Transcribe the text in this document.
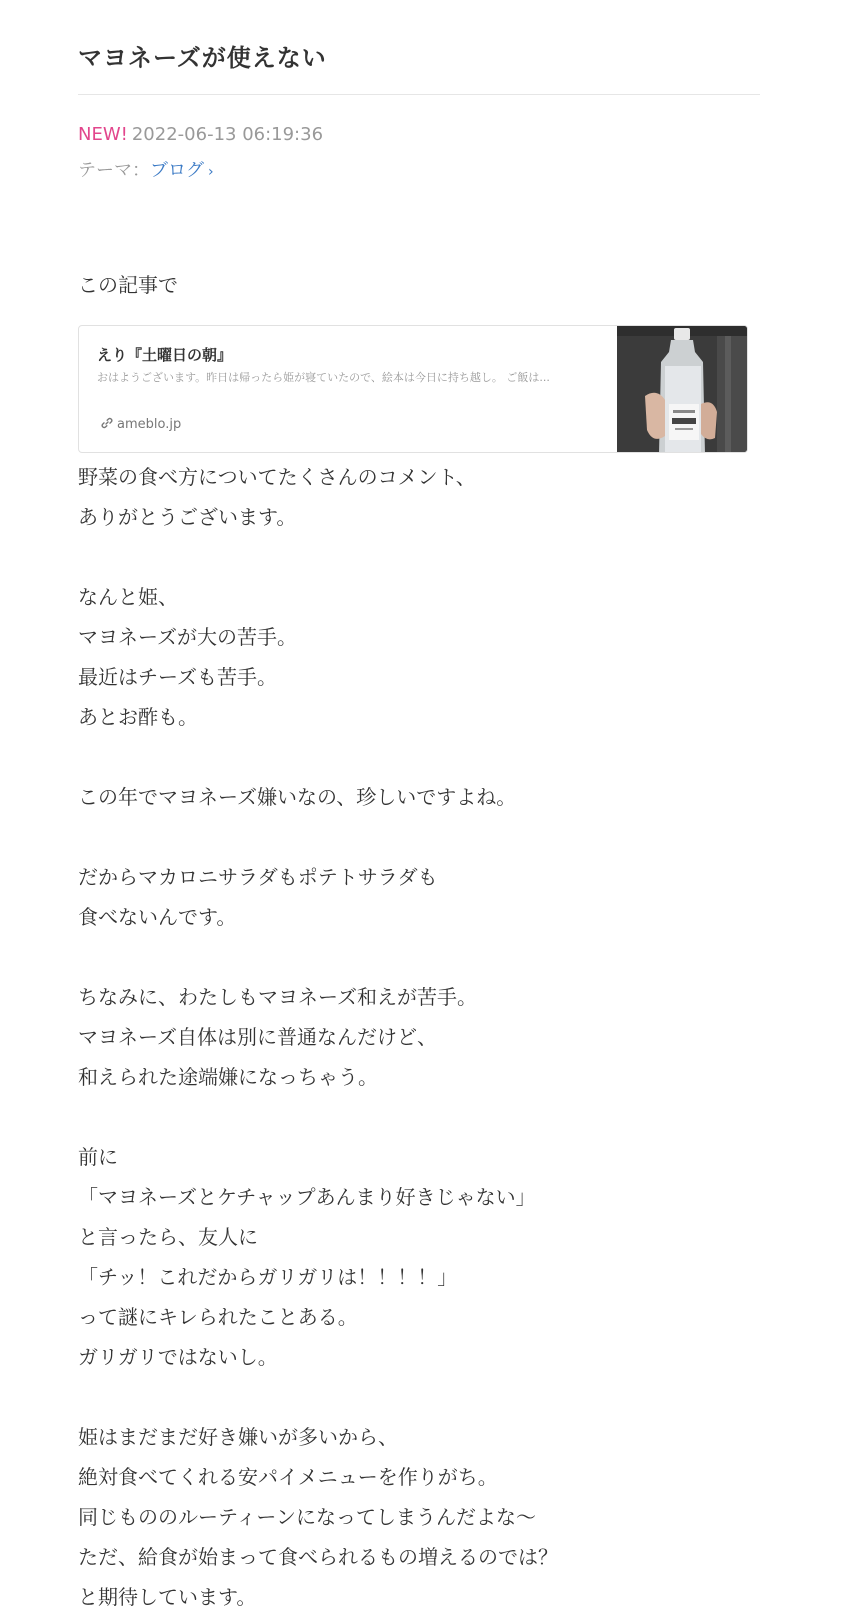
マヨネーズが使えない
NEW! 2022-06-13 06:19:36
テーマ：ブログ ›
この記事で
えり『土曜日の朝』
おはようございます。昨日は帰ったら姫が寝ていたので、絵本は今日に持ち越し。 ご飯は...
ameblo.jp
野菜の食べ方についてたくさんのコメント、
ありがとうございます。
なんと姫、
マヨネーズが大の苦手。
最近はチーズも苦手。
あとお酢も。
この年でマヨネーズ嫌いなの、珍しいですよね。
だからマカロニサラダもポテトサラダも
食べないんです。
ちなみに、わたしもマヨネーズ和えが苦手。
マヨネーズ自体は別に普通なんだけど、
和えられた途端嫌になっちゃう。
前に
「マヨネーズとケチャップあんまり好きじゃない」
と言ったら、友人に
「チッ！これだからガリガリは！！！！」
って謎にキレられたことある。
ガリガリではないし。
姫はまだまだ好き嫌いが多いから、
絶対食べてくれる安パイメニューを作りがち。
同じもののルーティーンになってしまうんだよな〜
ただ、給食が始まって食べられるもの増えるのでは？
と期待しています。
